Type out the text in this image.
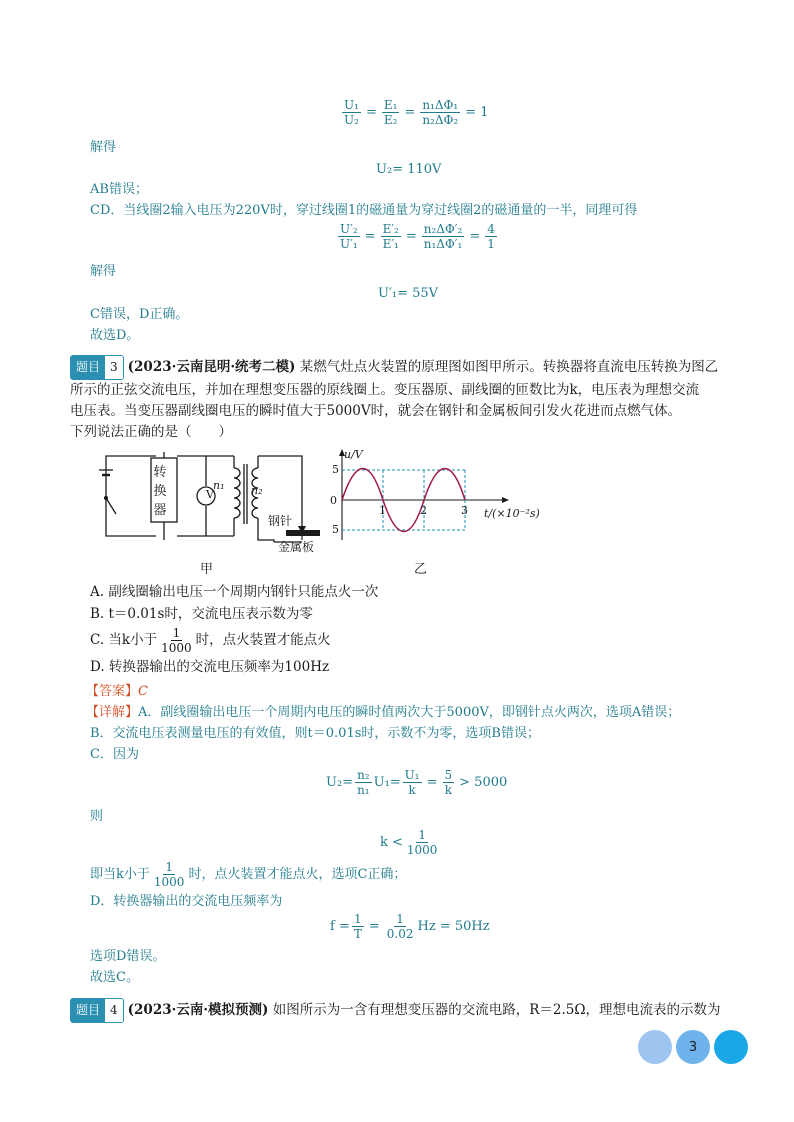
$\frac{\text{U₁}}{\text{U₂}} = \frac{\text{E₁}}{\text{E₂}} = \frac{\text{n₁ΔΦ₁}}{\text{n₂ΔΦ₂}} = 1$
解得
U₂= 110V
AB错误；
CD．当线圈2输入电压为220V时，穿过线圈1的磁通量为穿过线圈2的磁通量的一半，同理可得
$\frac{\text{U′₂}}{\text{U′₁}} = \frac{\text{E′₂}}{\text{E′₁}} = \frac{\text{n₂ΔΦ′₂}}{\text{n₁ΔΦ′₁}} = \frac{4}{1}$
解得
U′₁= 55V
C错误，D正确。
故选D。
题目 3 (2023·云南昆明·统考二模) 某燃气灶点火装置的原理图如图甲所示。转换器将直流电压转换为图乙
所示的正弦交流电压，并加在理想变压器的原线圈上。变压器原、副线圈的匝数比为k，电压表为理想交流
电压表。当变压器副线圈电压的瞬时值大于5000V时，就会在钢针和金属板间引发火花进而点燃气体。
下列说法正确的是（　　）
转
换
器
V
n₁ n₂
钢针
金属板
甲
u/V
5
0
5
1	2	3 t/(×10⁻²s)
乙
A. 副线圈输出电压一个周期内钢针只能点火一次
B. t＝0.01s时，交流电压表示数为零
C. 当k小于 $\frac{1}{1000}$ 时，点火装置才能点火
D. 转换器输出的交流电压频率为100Hz
【答案】C
【详解】A．副线圈输出电压一个周期内电压的瞬时值两次大于5000V，即钢针点火两次，选项A错误；
B．交流电压表测量电压的有效值，则t＝0.01s时，示数不为零，选项B错误；
C．因为
$U_2= \frac{\text{n₂}}{\text{n₁}} U_1= \frac{\text{U₁}}{k} = \frac{5}{k} > 5000$
则
$k < \frac{1}{1000}$
即当k小于 $\frac{1}{1000}$ 时，点火装置才能点火，选项C正确；
D．转换器输出的交流电压频率为
$f = \frac{1}{T} = \frac{1}{0.02}$ Hz = 50Hz
选项D错误。
故选C。
题目 4 (2023·云南·模拟预测) 如图所示为一含有理想变压器的交流电路，R＝2.5Ω，理想电流表的示数为
3
